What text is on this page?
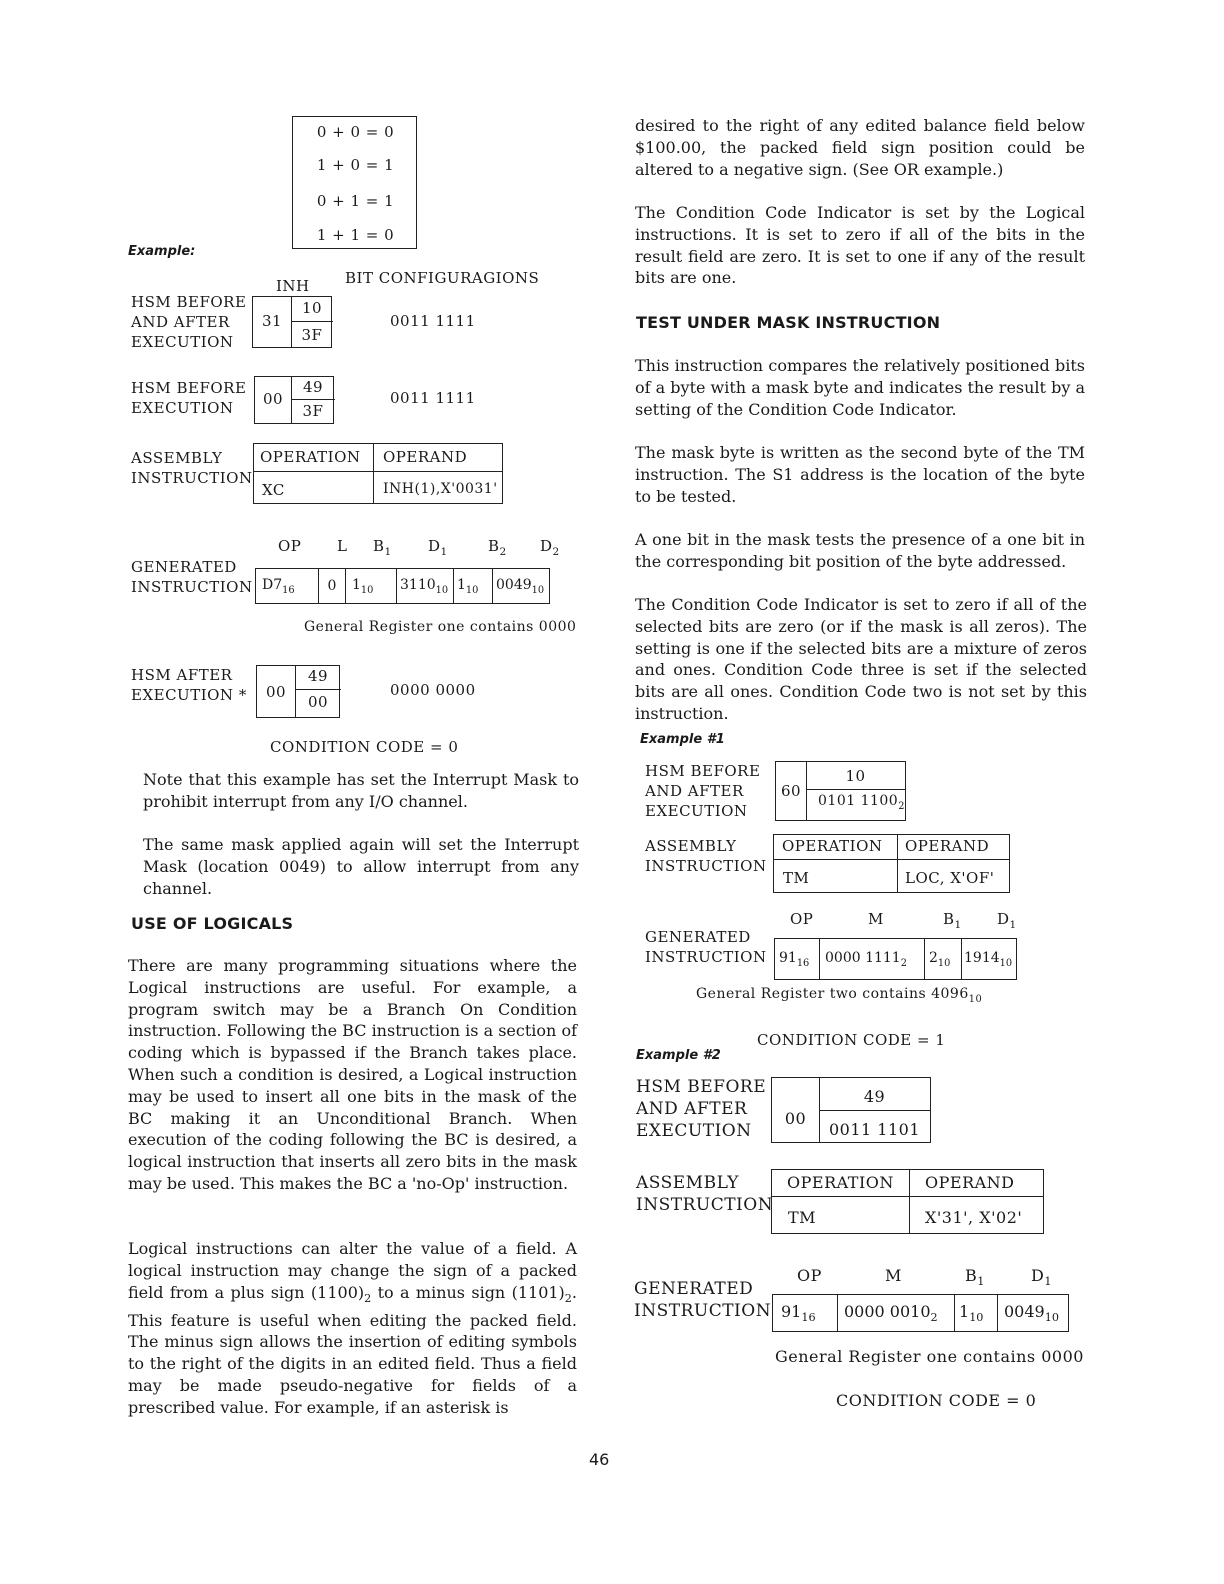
0 + 0 = 0
1 + 0 = 1
0 + 1 = 1
1 + 1 = 0
Example:
INH BIT CONFIGURAGIONS
HSM BEFORE
AND AFTER
EXECUTION
31
10
3F
0011 1111
HSM BEFORE
EXECUTION	00
49
3F
0011 1111
ASSEMBLY
INSTRUCTION
OPERATION OPERAND
XC	INH(1),X'0031'
GENERATED
INSTRUCTION
OP L $B_1$ $D_1$	$B_2$ $D_2$
$D7_{16}$	0	$1_{10}$	$3110_{10}$	$1_{10}$	$0049_{10}$
General Register one contains 0000
HSM AFTER
EXECUTION *	00
49
00
0000 0000
CONDITION CODE = 0
Note that this example has set the Interrupt Mask to prohibit interrupt from any I/O channel.
The same mask applied again will set the Interrupt Mask (location 0049) to allow interrupt from any channel.
USE OF LOGICALS
There are many programming situations where the Logical instructions are useful. For example, a program switch may be a Branch On Condition instruction. Following the BC instruction is a section of coding which is bypassed if the Branch takes place. When such a condition is desired, a Logical instruction may be used to insert all one bits in the mask of the BC making it an Unconditional Branch. When execution of the coding following the BC is desired, a logical instruction that inserts all zero bits in the mask may be used. This makes the BC a 'no-Op' instruction.
Logical instructions can alter the value of a field. A logical instruction may change the sign of a packed field from a plus sign $(1100)_2$ to a minus sign $(1101)_2$. This feature is useful when editing the packed field. The minus sign allows the insertion of editing symbols to the right of the digits in an edited field. Thus a field may be made pseudo-negative for fields of a prescribed value. For example, if an asterisk is
desired to the right of any edited balance field below $100.00, the packed field sign position could be altered to a negative sign. (See OR example.)
The Condition Code Indicator is set by the Logical instructions. It is set to zero if all of the bits in the result field are zero. It is set to one if any of the result bits are one.
TEST UNDER MASK INSTRUCTION
This instruction compares the relatively positioned bits of a byte with a mask byte and indicates the result by a setting of the Condition Code Indicator.
The mask byte is written as the second byte of the TM instruction. The S1 address is the location of the byte to be tested.
A one bit in the mask tests the presence of a one bit in the corresponding bit position of the byte addressed.
The Condition Code Indicator is set to zero if all of the selected bits are zero (or if the mask is all zeros). The setting is one if the selected bits are a mixture of zeros and ones. Condition Code three is set if the selected bits are all ones. Condition Code two is not set by this instruction.
Example #1
HSM BEFORE
AND AFTER
EXECUTION
60
10
0101 $1100_2$
ASSEMBLY
INSTRUCTION
OPERATION OPERAND
TM	LOC, X'OF'
GENERATED
INSTRUCTION
OP	M	$B_1$ $D_1$
$91_{16}$	0000 $1111_2$	$2_{10}$	$1914_{10}$
General Register two contains $4096_{10}$
CONDITION CODE = 1
Example #2
HSM BEFORE
AND AFTER
EXECUTION
00
49
0011 1101
ASSEMBLY
INSTRUCTION
OPERATION OPERAND
TM	X'31', X'02'
GENERATED
INSTRUCTION
OP	M	$B_1$	$D_1$
$91_{16}$	0000 $0010_2$	$1_{10}$	$0049_{10}$
General Register one contains 0000
CONDITION CODE = 0
46
